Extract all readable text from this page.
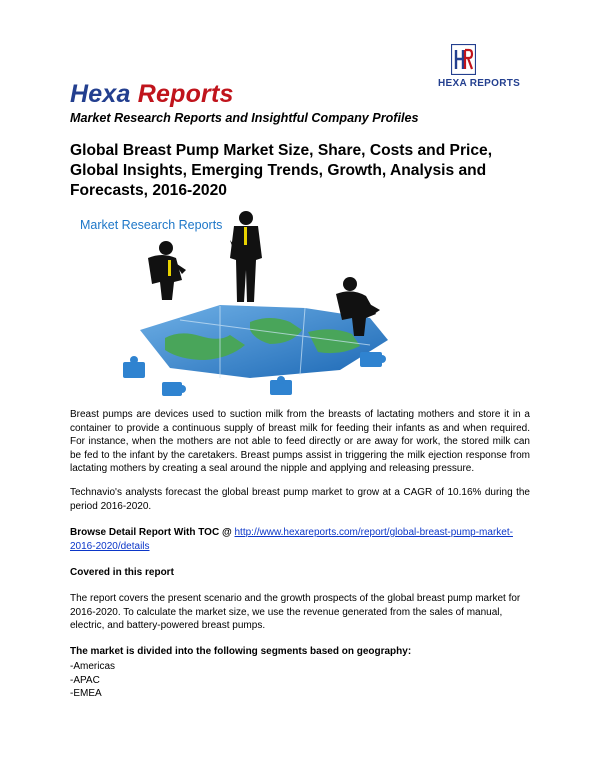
Hexa Reports
Market Research Reports and Insightful Company Profiles
HEXA REPORTS
Global Breast Pump Market Size, Share, Costs and Price, Global Insights, Emerging Trends, Growth, Analysis and Forecasts, 2016-2020
Market Research Reports
Breast pumps are devices used to suction milk from the breasts of lactating mothers and store it in a container to provide a continuous supply of breast milk for feeding their infants as and when required. For instance, when the mothers are not able to feed directly or are away for work, the stored milk can be fed to the infant by the caretakers. Breast pumps assist in triggering the milk ejection response from lactating mothers by creating a seal around the nipple and applying and releasing pressure.
Technavio's analysts forecast the global breast pump market to grow at a CAGR of 10.16% during the period 2016-2020.
Browse Detail Report With TOC @ http://www.hexareports.com/report/global-breast-pump-market-2016-2020/details
Covered in this report
The report covers the present scenario and the growth prospects of the global breast pump market for 2016-2020. To calculate the market size, we use the revenue generated from the sales of manual, electric, and battery-powered breast pumps.
The market is divided into the following segments based on geography:
-Americas
-APAC
-EMEA
